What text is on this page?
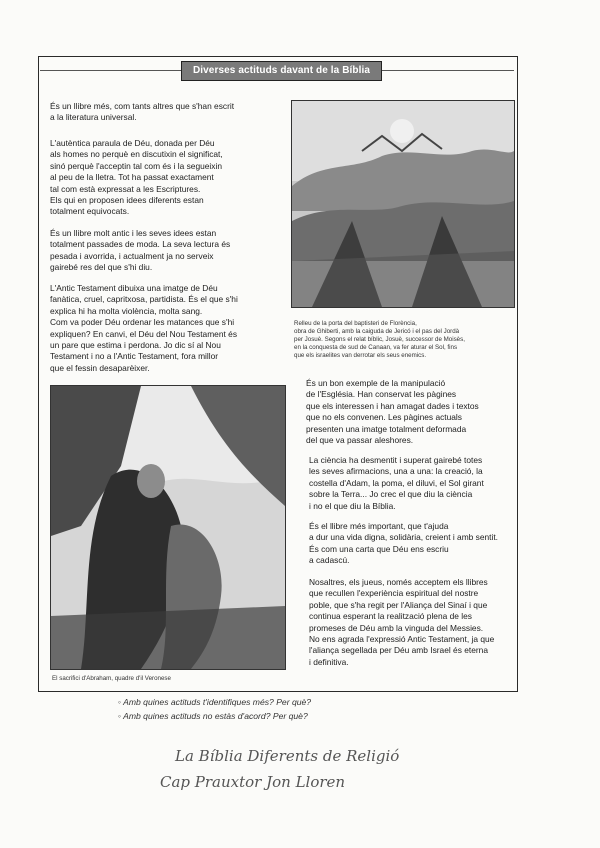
Diverses actituds davant de la Bíblia
És un llibre més, com tants altres que s'han escrit
a la literatura universal.
L'autèntica paraula de Déu, donada per Déu
als homes no perquè en discutixin el significat,
sinó perquè l'acceptin tal com és i la segueixin
al peu de la lletra. Tot ha passat exactament
tal com està expressat a les Escriptures.
Els qui en proposen idees diferents estan
totalment equivocats.
És un llibre molt antic i les seves idees estan
totalment passades de moda. La seva lectura és
pesada i avorrida, i actualment ja no serveix
gairebé res del que s'hi diu.
L'Antic Testament dibuixa una imatge de Déu
fanàtica, cruel, capritxosa, partidista. És el que s'hi
explica hi ha molta violència, molta sang.
Com va poder Déu ordenar les matances que s'hi
expliquen? En canvi, el Déu del Nou Testament és
un pare que estima i perdona. Jo dic sí al Nou
Testament i no a l'Antic Testament, fora millor
que el fessin desaparèixer.
Relleu de la porta del baptisteri de Florència,
obra de Ghiberti, amb la caiguda de Jericó i el pas del Jordà
per Josuè. Segons el relat bíblic, Josuè, successor de Moisès,
en la conquesta de sud de Canaan, va fer aturar el Sol, fins
que els israelites van derrotar els seus enemics.
El sacrifici d'Abraham, quadre d'il Veronese
És un bon exemple de la manipulació
de l'Església. Han conservat les pàgines
que els interessen i han amagat dades i textos
que no els convenen. Les pàgines actuals
presenten una imatge totalment deformada
del que va passar aleshores.
La ciència ha desmentit i superat gairebé totes
les seves afirmacions, una a una: la creació, la
costella d'Adam, la poma, el diluvi, el Sol girant
sobre la Terra... Jo crec el que diu la ciència
i no el que diu la Bíblia.
És el llibre més important, que t'ajuda
a dur una vida digna, solidària, creient i amb sentit.
És com una carta que Déu ens escriu
a cadascú.
Nosaltres, els jueus, només acceptem els llibres
que recullen l'experiència espiritual del nostre
poble, que s'ha regit per l'Aliança del Sinaí i que
continua esperant la realització plena de les
promeses de Déu amb la vinguda del Messies.
No ens agrada l'expressió Antic Testament, ja que
l'aliança segellada per Déu amb Israel és eterna
i definitiva.
◦ Amb quines actituds t'identifiques més? Per què?
◦ Amb quines actituds no estàs d'acord? Per què?
La Bíblia Diferents de Religió
Cap Prauxtor Jon Lloren
